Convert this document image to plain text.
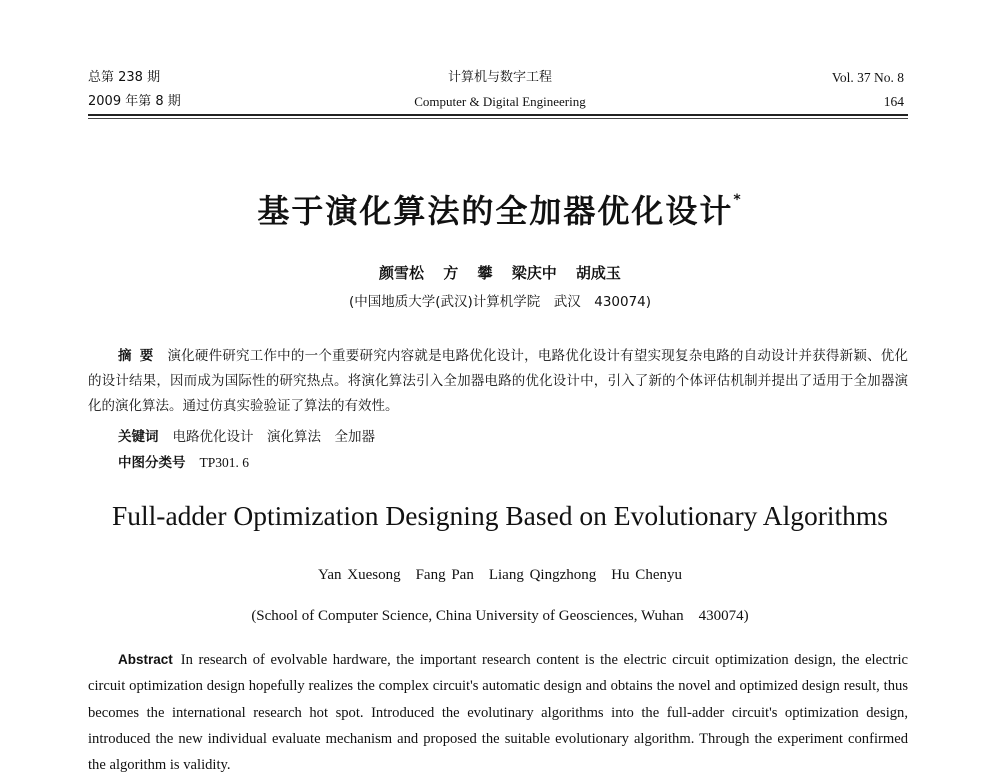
总第 238 期
2009 年第 8 期
计算机与数字工程
Computer & Digital Engineering
Vol. 37 No. 8
164
基于演化算法的全加器优化设计*
颜雪松 方 攀 梁庆中 胡成玉
(中国地质大学(武汉)计算机学院　武汉　430074)
摘要 演化硬件研究工作中的一个重要研究内容就是电路优化设计，电路优化设计有望实现复杂电路的自动设计并获得新颖、优化的设计结果，因而成为国际性的研究热点。将演化算法引入全加器电路的优化设计中，引入了新的个体评估机制并提出了适用于全加器演化的演化算法。通过仿真实验验证了算法的有效性。
关键词 电路优化设计　演化算法　全加器
中图分类号 TP301. 6
Full-adder Optimization Designing Based on Evolutionary Algorithms
Yan Xuesong　Fang Pan　Liang Qingzhong　Hu Chenyu
(School of Computer Science, China University of Geosciences, Wuhan　430074)
Abstract In research of evolvable hardware, the important research content is the electric circuit optimization design, the electric circuit optimization design hopefully realizes the complex circuit's automatic design and obtains the novel and optimized design result, thus becomes the international research hot spot. Introduced the evolutinary algorithms into the full-adder circuit's optimization design, introduced the new individual evaluate mechanism and proposed the suitable evolutionary algorithm. Through the experiment confirmed the algorithm is validity.
